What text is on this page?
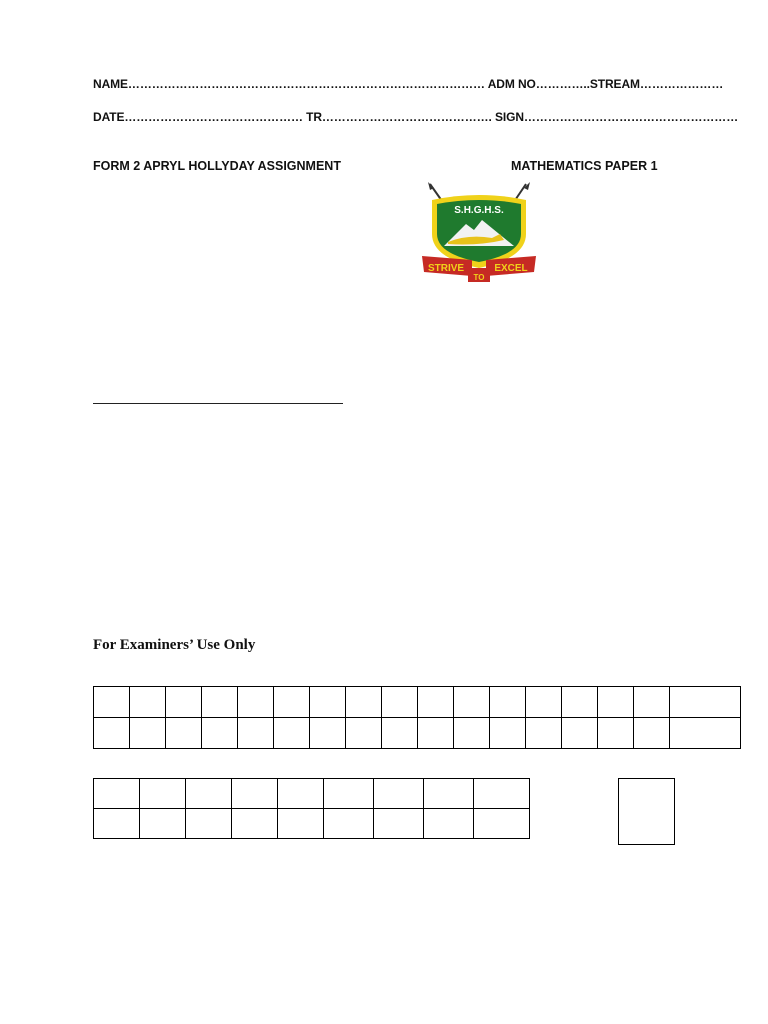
NAME……………………………………………………………………………… ADM NO…………..STREAM…………………
DATE……………………………………… TR……………………………………. SIGN………………………………………………
FORM 2 APRYL HOLLYDAY ASSIGNMENT	MATHEMATICS PAPER 1
S.H.G.H.S.
STRIVE
TO
EXCEL
For Examiners’ Use Only
